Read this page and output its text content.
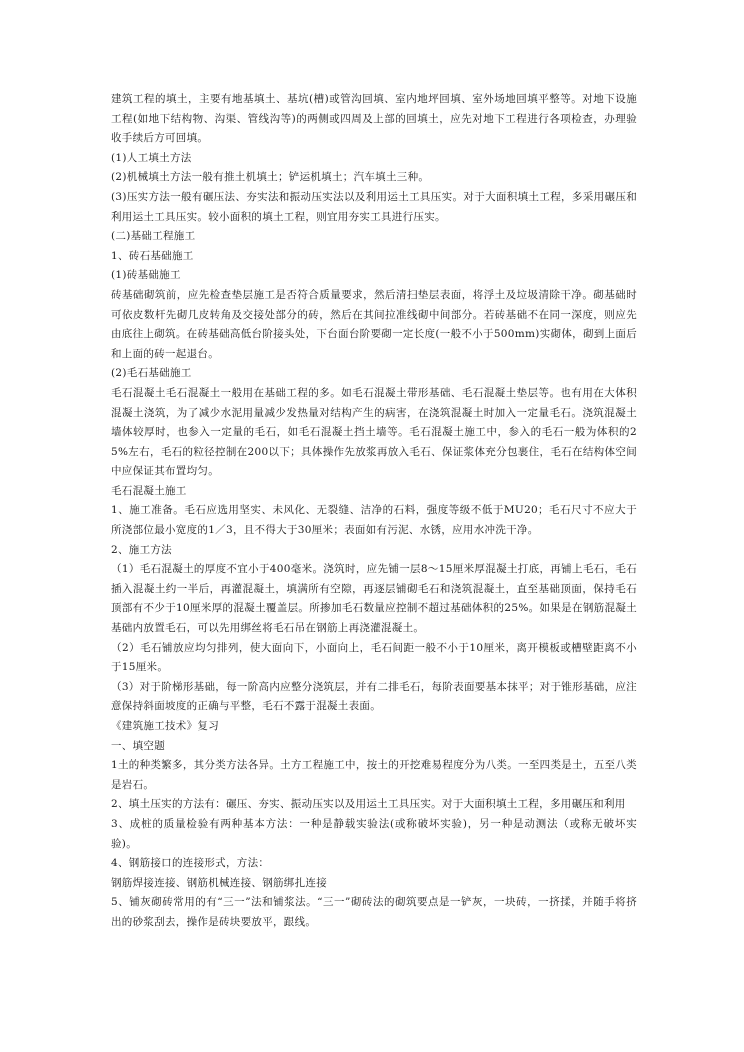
建筑工程的填土，主要有地基填土、基坑(槽)或管沟回填、室内地坪回填、室外场地回填平整等。对地下设施工程(如地下结构物、沟渠、管线沟等)的两侧或四周及上部的回填土，应先对地下工程进行各项检查，办理验收手续后方可回填。

(1)人工填土方法

(2)机械填土方法一般有推土机填土；铲运机填土；汽车填土三种。

(3)压实方法一般有碾压法、夯实法和振动压实法以及利用运土工具压实。对于大面积填土工程，多采用碾压和利用运土工具压实。较小面积的填土工程，则宜用夯实工具进行压实。

(二)基础工程施工

1、砖石基础施工

(1)砖基础施工

砖基础砌筑前，应先检查垫层施工是否符合质量要求，然后清扫垫层表面，将浮土及垃圾清除干净。砌基础时可依皮数杆先砌几皮转角及交接处部分的砖，然后在其间拉准线砌中间部分。若砖基础不在同一深度，则应先由底往上砌筑。在砖基础高低台阶接头处，下台面台阶要砌一定长度(一般不小于500mm)实砌体，砌到上面后和上面的砖一起退台。

(2)毛石基础施工

毛石混凝土毛石混凝土一般用在基础工程的多。如毛石混凝土带形基础、毛石混凝土垫层等。也有用在大体积混凝土浇筑，为了减少水泥用量减少发热量对结构产生的病害，在浇筑混凝土时加入一定量毛石。浇筑混凝土墙体较厚时，也参入一定量的毛石，如毛石混凝土挡土墙等。毛石混凝土施工中，参入的毛石一般为体积的25%左右，毛石的粒径控制在200以下；具体操作先放浆再放入毛石、保证浆体充分包裹住，毛石在结构体空间中应保证其布置均匀。

毛石混凝土施工

1、施工准备。毛石应选用坚实、未风化、无裂缝、洁净的石料，强度等级不低于MU20；毛石尺寸不应大于所浇部位最小宽度的1／3，且不得大于30厘米；表面如有污泥、水锈，应用水冲洗干净。

2、施工方法

（1）毛石混凝土的厚度不宜小于400毫米。浇筑时，应先铺一层8～15厘米厚混凝土打底，再铺上毛石，毛石插入混凝土约一半后，再灌混凝土，填满所有空隙，再逐层铺砌毛石和浇筑混凝土，直至基础顶面，保持毛石顶部有不少于10厘米厚的混凝土覆盖层。所掺加毛石数量应控制不超过基础体积的25%。如果是在钢筋混凝土基础内放置毛石，可以先用绑丝将毛石吊在钢筋上再浇灌混凝土。

（2）毛石铺放应均匀排列，使大面向下，小面向上，毛石间距一般不小于10厘米，离开模板或槽壁距离不小于15厘米。

（3）对于阶梯形基础，每一阶高内应整分浇筑层，并有二排毛石，每阶表面要基本抹平；对于锥形基础，应注意保持斜面坡度的正确与平整，毛石不露于混凝土表面。

《建筑施工技术》复习

一、填空题

1土的种类繁多，其分类方法各异。土方工程施工中，按土的开挖难易程度分为八类。一至四类是土，五至八类是岩石。

2、填土压实的方法有：碾压、夯实、振动压实以及用运土工具压实。对于大面积填土工程，多用碾压和利用

3、成桩的质量检验有两种基本方法：一种是静载实验法(或称破坏实验)，另一种是动测法（或称无破坏实验)。

4、钢筋接口的连接形式，方法：

钢筋焊接连接、钢筋机械连接、钢筋绑扎连接

5、铺灰砌砖常用的有“三一”法和铺浆法。“三一”砌砖法的砌筑要点是一铲灰，一块砖，一挤揉，并随手将挤出的砂浆刮去，操作是砖块要放平，跟线。
